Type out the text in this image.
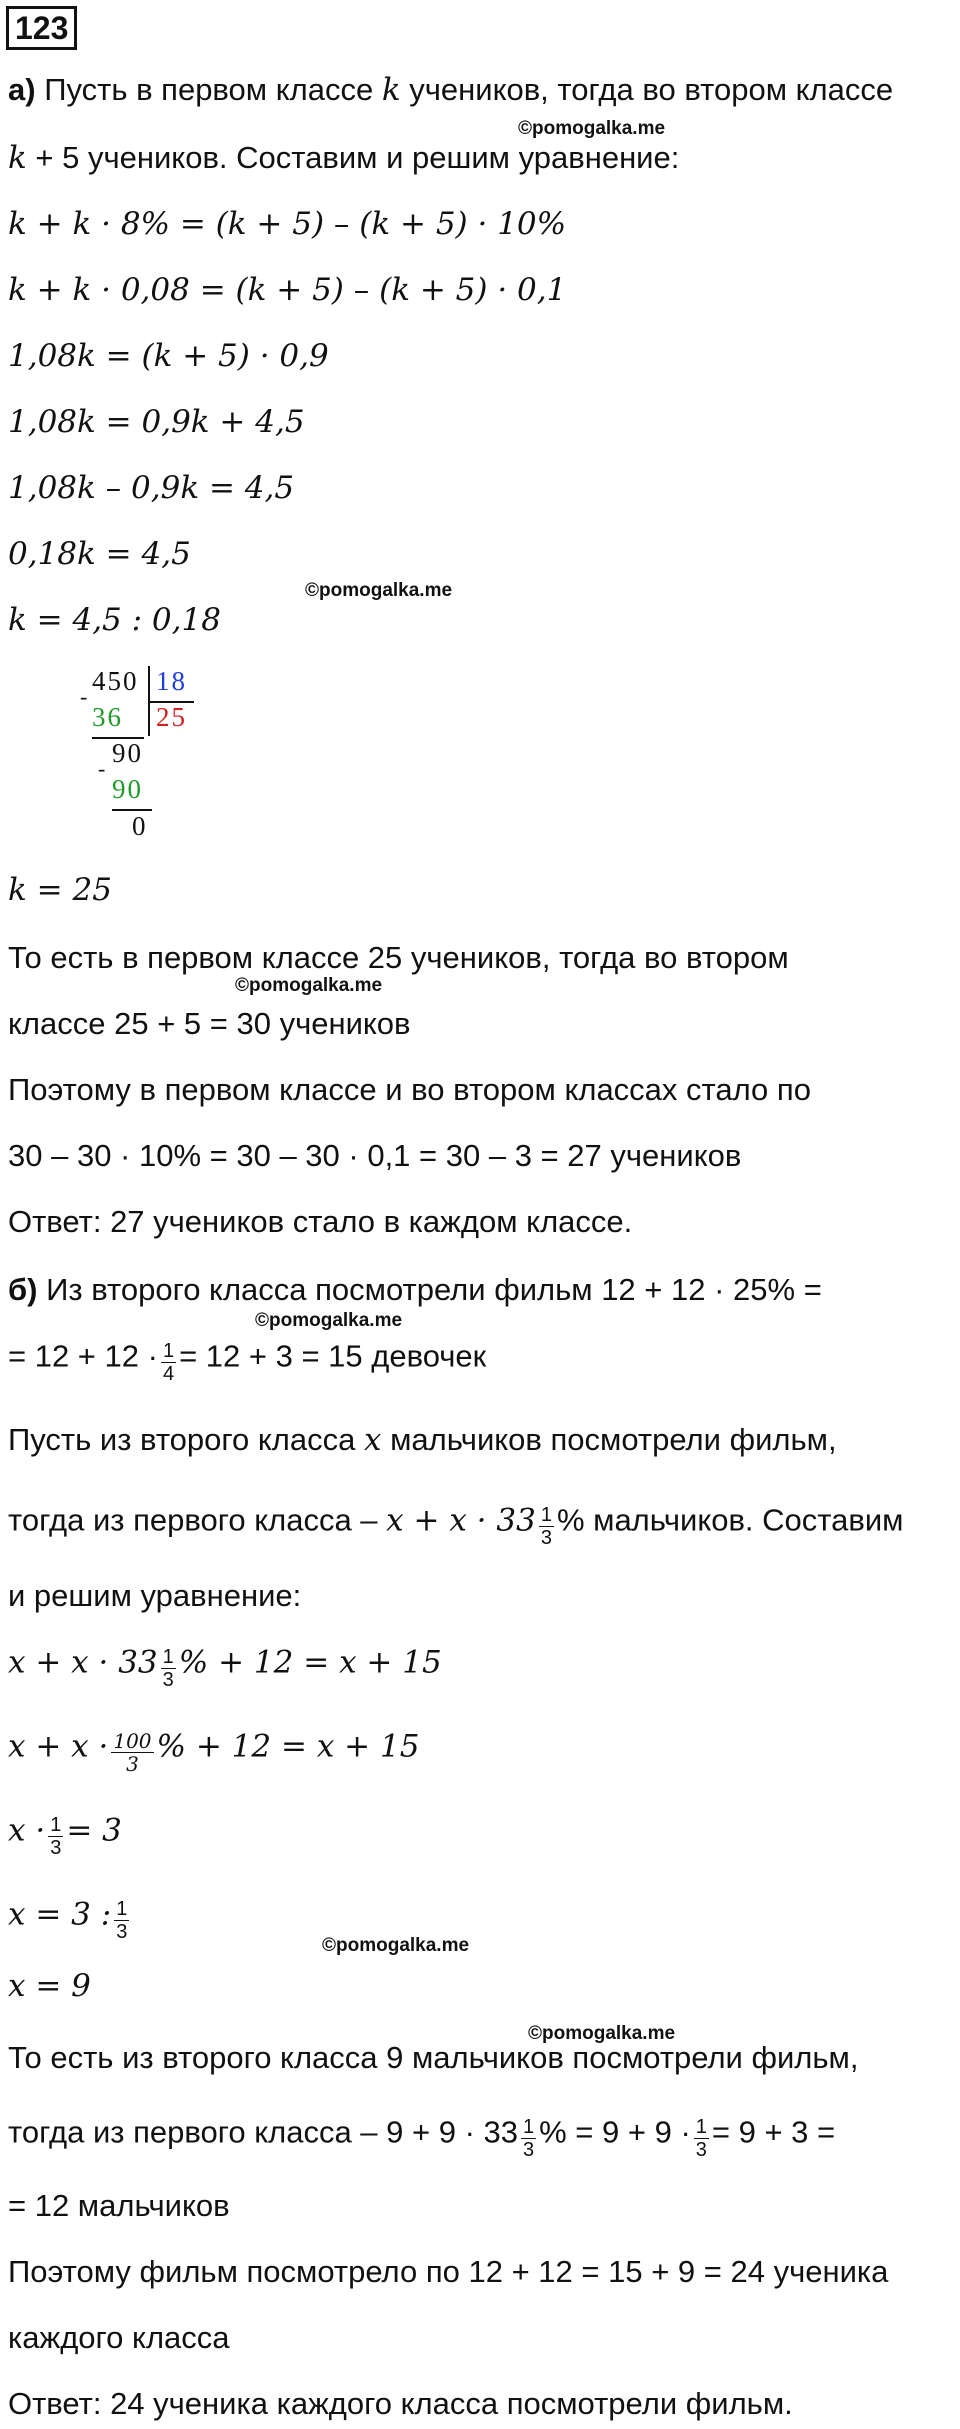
123
а) Пусть в первом классе k учеников, тогда во втором классе
©pomogalka.me
k + 5 учеников. Составим и решим уравнение:
k + k · 8% = (k + 5) – (k + 5) · 10%
k + k · 0,08 = (k + 5) – (k + 5) · 0,1
1,08k = (k + 5) · 0,9
1,08k = 0,9k + 4,5
1,08k – 0,9k = 4,5
0,18k = 4,5
k = 4,5 : 0,18
©pomogalka.me
450 18
-
36 25
90
-
90
0
k = 25
То есть в первом классе 25 учеников, тогда во втором
©pomogalka.me
классе 25 + 5 = 30 учеников
Поэтому в первом классе и во втором классах стало по
30 – 30 · 10% = 30 – 30 · 0,1 = 30 – 3 = 27 учеников
Ответ: 27 учеников стало в каждом классе.
б) Из второго класса посмотрели фильм 12 + 12 · 25% =
©pomogalka.me
= $12 + 12 \cdot \frac{1}{4} = 12 + 3 = 15$ девочек
Пусть из второго класса x мальчиков посмотрели фильм,
тогда из первого класса – $x + x \cdot 33 \frac{1}{3}$ % мальчиков. Составим
и решим уравнение:
$x + x \cdot 33 \frac{1}{3}$ % + 12 = x + 15
$x + x \cdot \frac{100}{3}$ % + 12 = x + 15
$x \cdot \frac{1}{3} = 3$
x = 3 : $\frac{1}{3}$
©pomogalka.me
x = 9
©pomogalka.me
То есть из второго класса 9 мальчиков посмотрели фильм,
тогда из первого класса – $9 + 9 \cdot 33 \frac{1}{3}$ % = $9 + 9 \cdot \frac{1}{3} = 9 + 3$ =
= 12 мальчиков
Поэтому фильм посмотрело по 12 + 12 = 15 + 9 = 24 ученика
каждого класса
Ответ: 24 ученика каждого класса посмотрели фильм.
